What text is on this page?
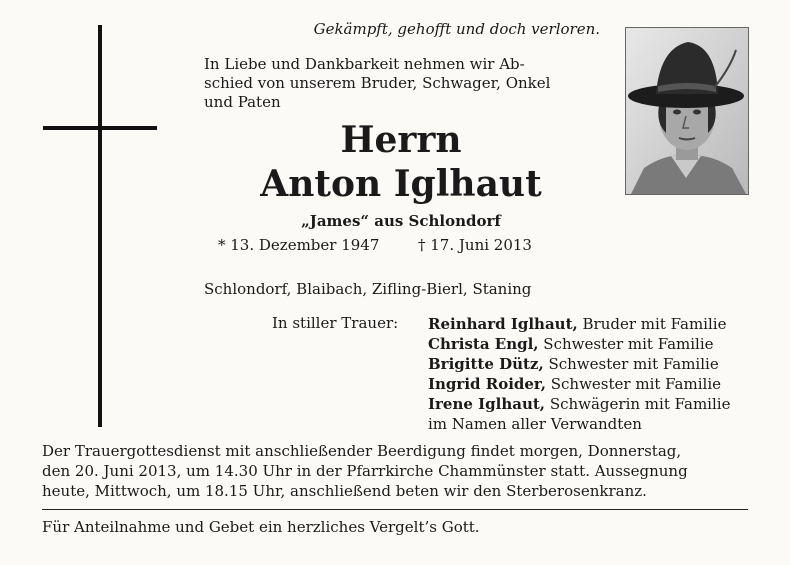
Gekämpft, gehofft und doch verloren.
In Liebe und Dankbarkeit nehmen wir Ab-
schied von unserem Bruder, Schwager, Onkel
und Paten
Herrn
Anton Iglhaut
„James“ aus Schlondorf
* 13. Dezember 1947	† 17. Juni 2013
Schlondorf, Blaibach, Zifling-Bierl, Staning
In stiller Trauer: Reinhard Iglhaut, Bruder mit Familie
Christa Engl, Schwester mit Familie
Brigitte Dütz, Schwester mit Familie
Ingrid Roider, Schwester mit Familie
Irene Iglhaut, Schwägerin mit Familie
im Namen aller Verwandten
Der Trauergottesdienst mit anschließender Beerdigung findet morgen, Donnerstag,
den 20. Juni 2013, um 14.30 Uhr in der Pfarrkirche Chammünster statt. Aussegnung
heute, Mittwoch, um 18.15 Uhr, anschließend beten wir den Sterberosenkranz.
Für Anteilnahme und Gebet ein herzliches Vergelt’s Gott.
